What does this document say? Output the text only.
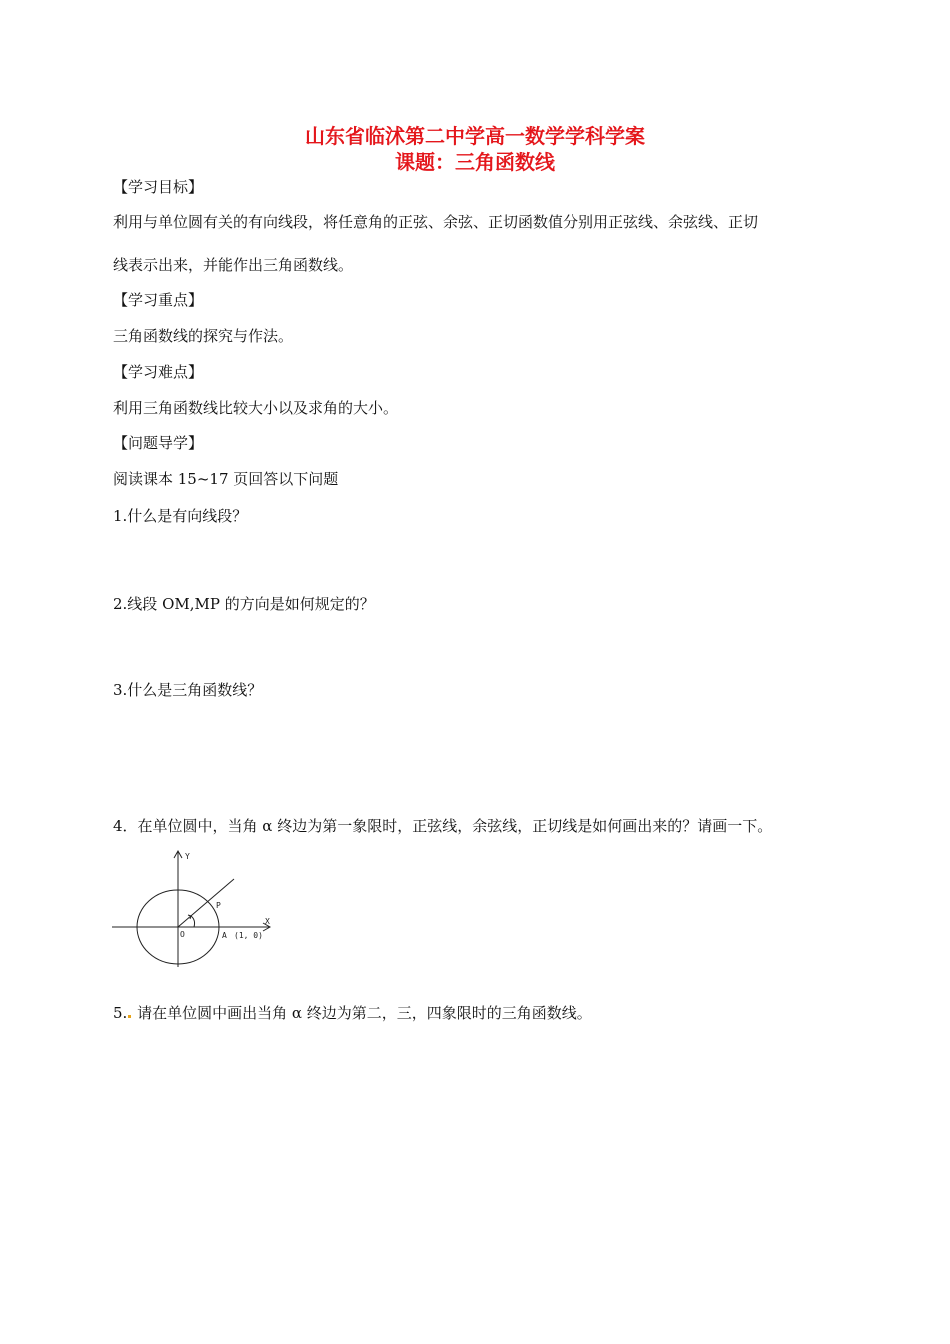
山东省临沭第二中学高一数学学科学案
课题：三角函数线
【学习目标】
利用与单位圆有关的有向线段，将任意角的正弦、余弦、正切函数值分别用正弦线、余弦线、正切
线表示出来，并能作出三角函数线。
【学习重点】
三角函数线的探究与作法。
【学习难点】
利用三角函数线比较大小以及求角的大小。
【问题导学】
阅读课本 15~17 页回答以下问题
1.什么是有向线段？
2.线段 OM,MP 的方向是如何规定的？
3.什么是三角函数线？
4．在单位圆中，当角 α 终边为第一象限时，正弦线，余弦线，正切线是如何画出来的？请画一下。
Y
X
O
P
A (1, 0)
5. 请在单位圆中画出当角 α 终边为第二，三，四象限时的三角函数线。
